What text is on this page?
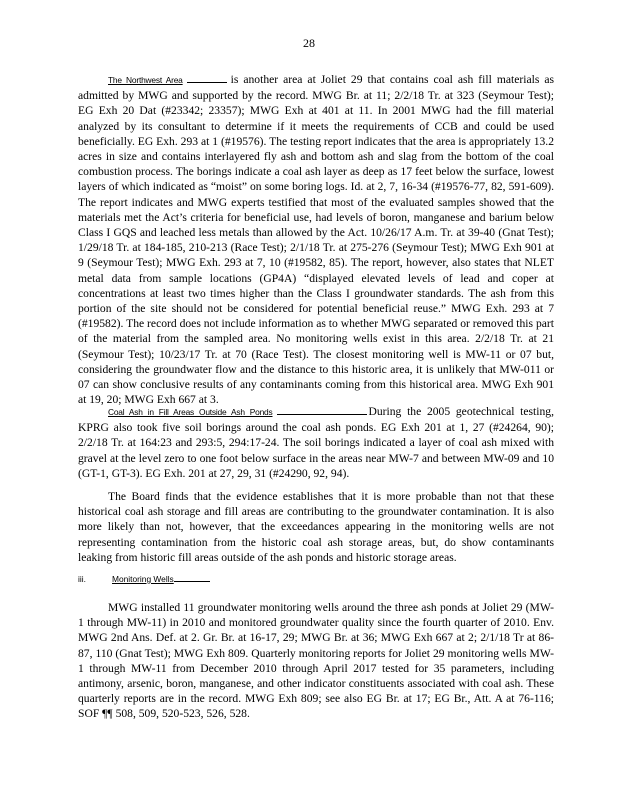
28
The Northwest Area	is another area at Joliet 29 that contains coal ash fill materials as admitted by MWG and supported by the record. MWG Br. at 11; 2/2/18 Tr. at 323 (Seymour Test); EG Exh 20 Dat (#23342; 23357); MWG Exh at 401 at 11. In 2001 MWG had the fill material analyzed by its consultant to determine if it meets the requirements of CCB and could be used beneficially. EG Exh. 293 at 1 (#19576). The testing report indicates that the area is appropriately 13.2 acres in size and contains interlayered fly ash and bottom ash and slag from the bottom of the coal combustion process. The borings indicate a coal ash layer as deep as 17 feet below the surface, lowest layers of which indicated as “moist” on some boring logs. Id. at 2, 7, 16-34 (#19576-77, 82, 591-609). The report indicates and MWG experts testified that most of the evaluated samples showed that the materials met the Act’s criteria for beneficial use, had levels of boron, manganese and barium below Class I GQS and leached less metals than allowed by the Act. 10/26/17 A.m. Tr. at 39-40 (Gnat Test); 1/29/18 Tr. at 184-185, 210-213 (Race Test); 2/1/18 Tr. at 275-276 (Seymour Test); MWG Exh 901 at 9 (Seymour Test); MWG Exh. 293 at 7, 10 (#19582, 85). The report, however, also states that NLET metal data from sample locations (GP4A) “displayed elevated levels of lead and coper at concentrations at least two times higher than the Class I groundwater standards. The ash from this portion of the site should not be considered for potential beneficial reuse.” MWG Exh. 293 at 7 (#19582). The record does not include information as to whether MWG separated or removed this part of the material from the sampled area. No monitoring wells exist in this area. 2/2/18 Tr. at 21 (Seymour Test); 10/23/17 Tr. at 70 (Race Test). The closest monitoring well is MW-11 or 07 but, considering the groundwater flow and the distance to this historic area, it is unlikely that MW-011 or 07 can show conclusive results of any contaminants coming from this historical area. MWG Exh 901 at 19, 20; MWG Exh 667 at 3.
Coal Ash in Fill Areas Outside Ash Ponds	During the 2005 geotechnical testing, KPRG also took five soil borings around the coal ash ponds. EG Exh 201 at 1, 27 (#24264, 90); 2/2/18 Tr. at 164:23 and 293:5, 294:17-24. The soil borings indicated a layer of coal ash mixed with gravel at the level zero to one foot below surface in the areas near MW-7 and between MW-09 and 10 (GT-1, GT-3). EG Exh. 201 at 27, 29, 31 (#24290, 92, 94).
The Board finds that the evidence establishes that it is more probable than not that these historical coal ash storage and fill areas are contributing to the groundwater contamination. It is also more likely than not, however, that the exceedances appearing in the monitoring wells are not representing contamination from the historic coal ash storage areas, but, do show contaminants leaking from historic fill areas outside of the ash ponds and historic storage areas.
iii.	Monitoring Wells
MWG installed 11 groundwater monitoring wells around the three ash ponds at Joliet 29 (MW-1 through MW-11) in 2010 and monitored groundwater quality since the fourth quarter of 2010. Env. MWG 2nd Ans. Def. at 2. Gr. Br. at 16-17, 29; MWG Br. at 36; MWG Exh 667 at 2; 2/1/18 Tr at 86-87, 110 (Gnat Test); MWG Exh 809. Quarterly monitoring reports for Joliet 29 monitoring wells MW-1 through MW-11 from December 2010 through April 2017 tested for 35 parameters, including antimony, arsenic, boron, manganese, and other indicator constituents associated with coal ash. These quarterly reports are in the record. MWG Exh 809; see also EG Br. at 17; EG Br., Att. A at 76-116; SOF ¶¶ 508, 509, 520-523, 526, 528.
